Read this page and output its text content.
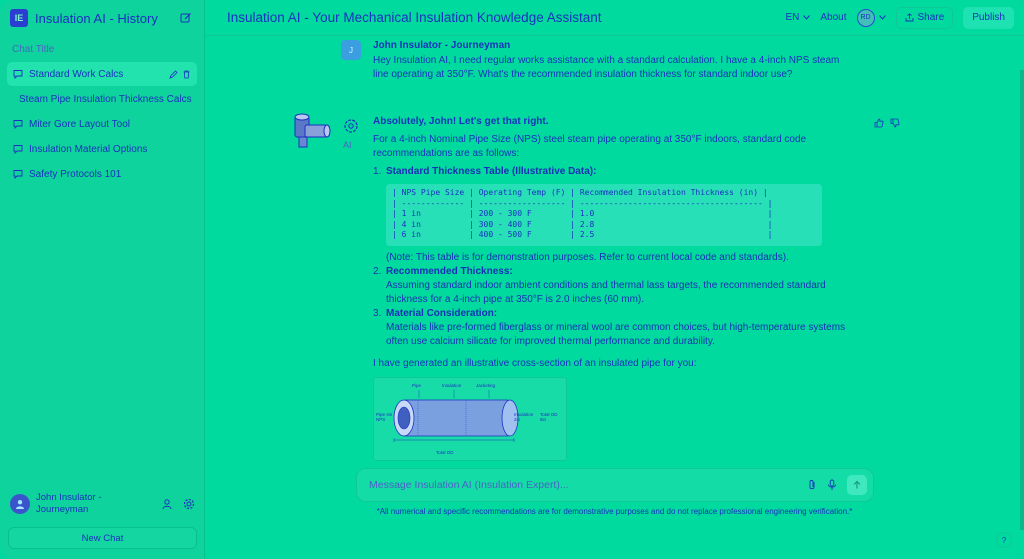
IE Insulation AI - History
Chat Title
Standard Work Calcs
Steam Pipe Insulation Thickness Calcs
Miter Gore Layout Tool
Insulation Material Options
Safety Protocols 101
John Insulator -
Journeyman
New Chat
Insulation AI - Your Mechanical Insulation Knowledge Assistant	EN About	RD	Share	Publish
J	John Insulator - Journeyman
Hey Insulation AI, I need regular works assistance with a standard calculation. I have a 4-inch NPS steam line operating at 350°F. What's the recommended insulation thickness for standard indoor use?
AI
Absolutely, John! Let's get that right.
For a 4-inch Nominal Pipe Size (NPS) steel steam pipe operating at 350°F indoors, standard code recommendations are as follows:
1. Standard Thickness Table (Illustrative Data):
| NPS Pipe Size | Operating Temp (F) | Recommended Insulation Thickness (in) |
| ------------- | ------------------ | -------------------------------------- |
| 1 in          | 200 - 300 F        | 1.0                                    |
| 4 in          | 300 - 400 F        | 2.8                                    |
| 6 in          | 400 - 500 F        | 2.5                                    |
(Note: This table is for demonstration purposes. Refer to current local code and standards).
2. Recommended Thickness:
Assuming standard indoor ambient conditions and thermal lass targets, the recommended standard thickness for a 4-inch pipe at 350°F is 2.0 inches (60 mm).
3. Material Consideration:
Materials like pre-formed fiberglass or mineral wool are common choices, but high-temperature systems often use calcium silicate for improved thermal performance and durability.
I have generated an illustrative cross-section of an insulated pipe for you:
Pipe	Insulation	Jacketing
Pipe 4in NPS
Insulation 2in
Total OD 8in
Total OD
Message Insulation AI (Insulation Expert)...
*All numerical and specific recommendations are for demonstrative purposes and do not replace professional engineering verification.*
?
